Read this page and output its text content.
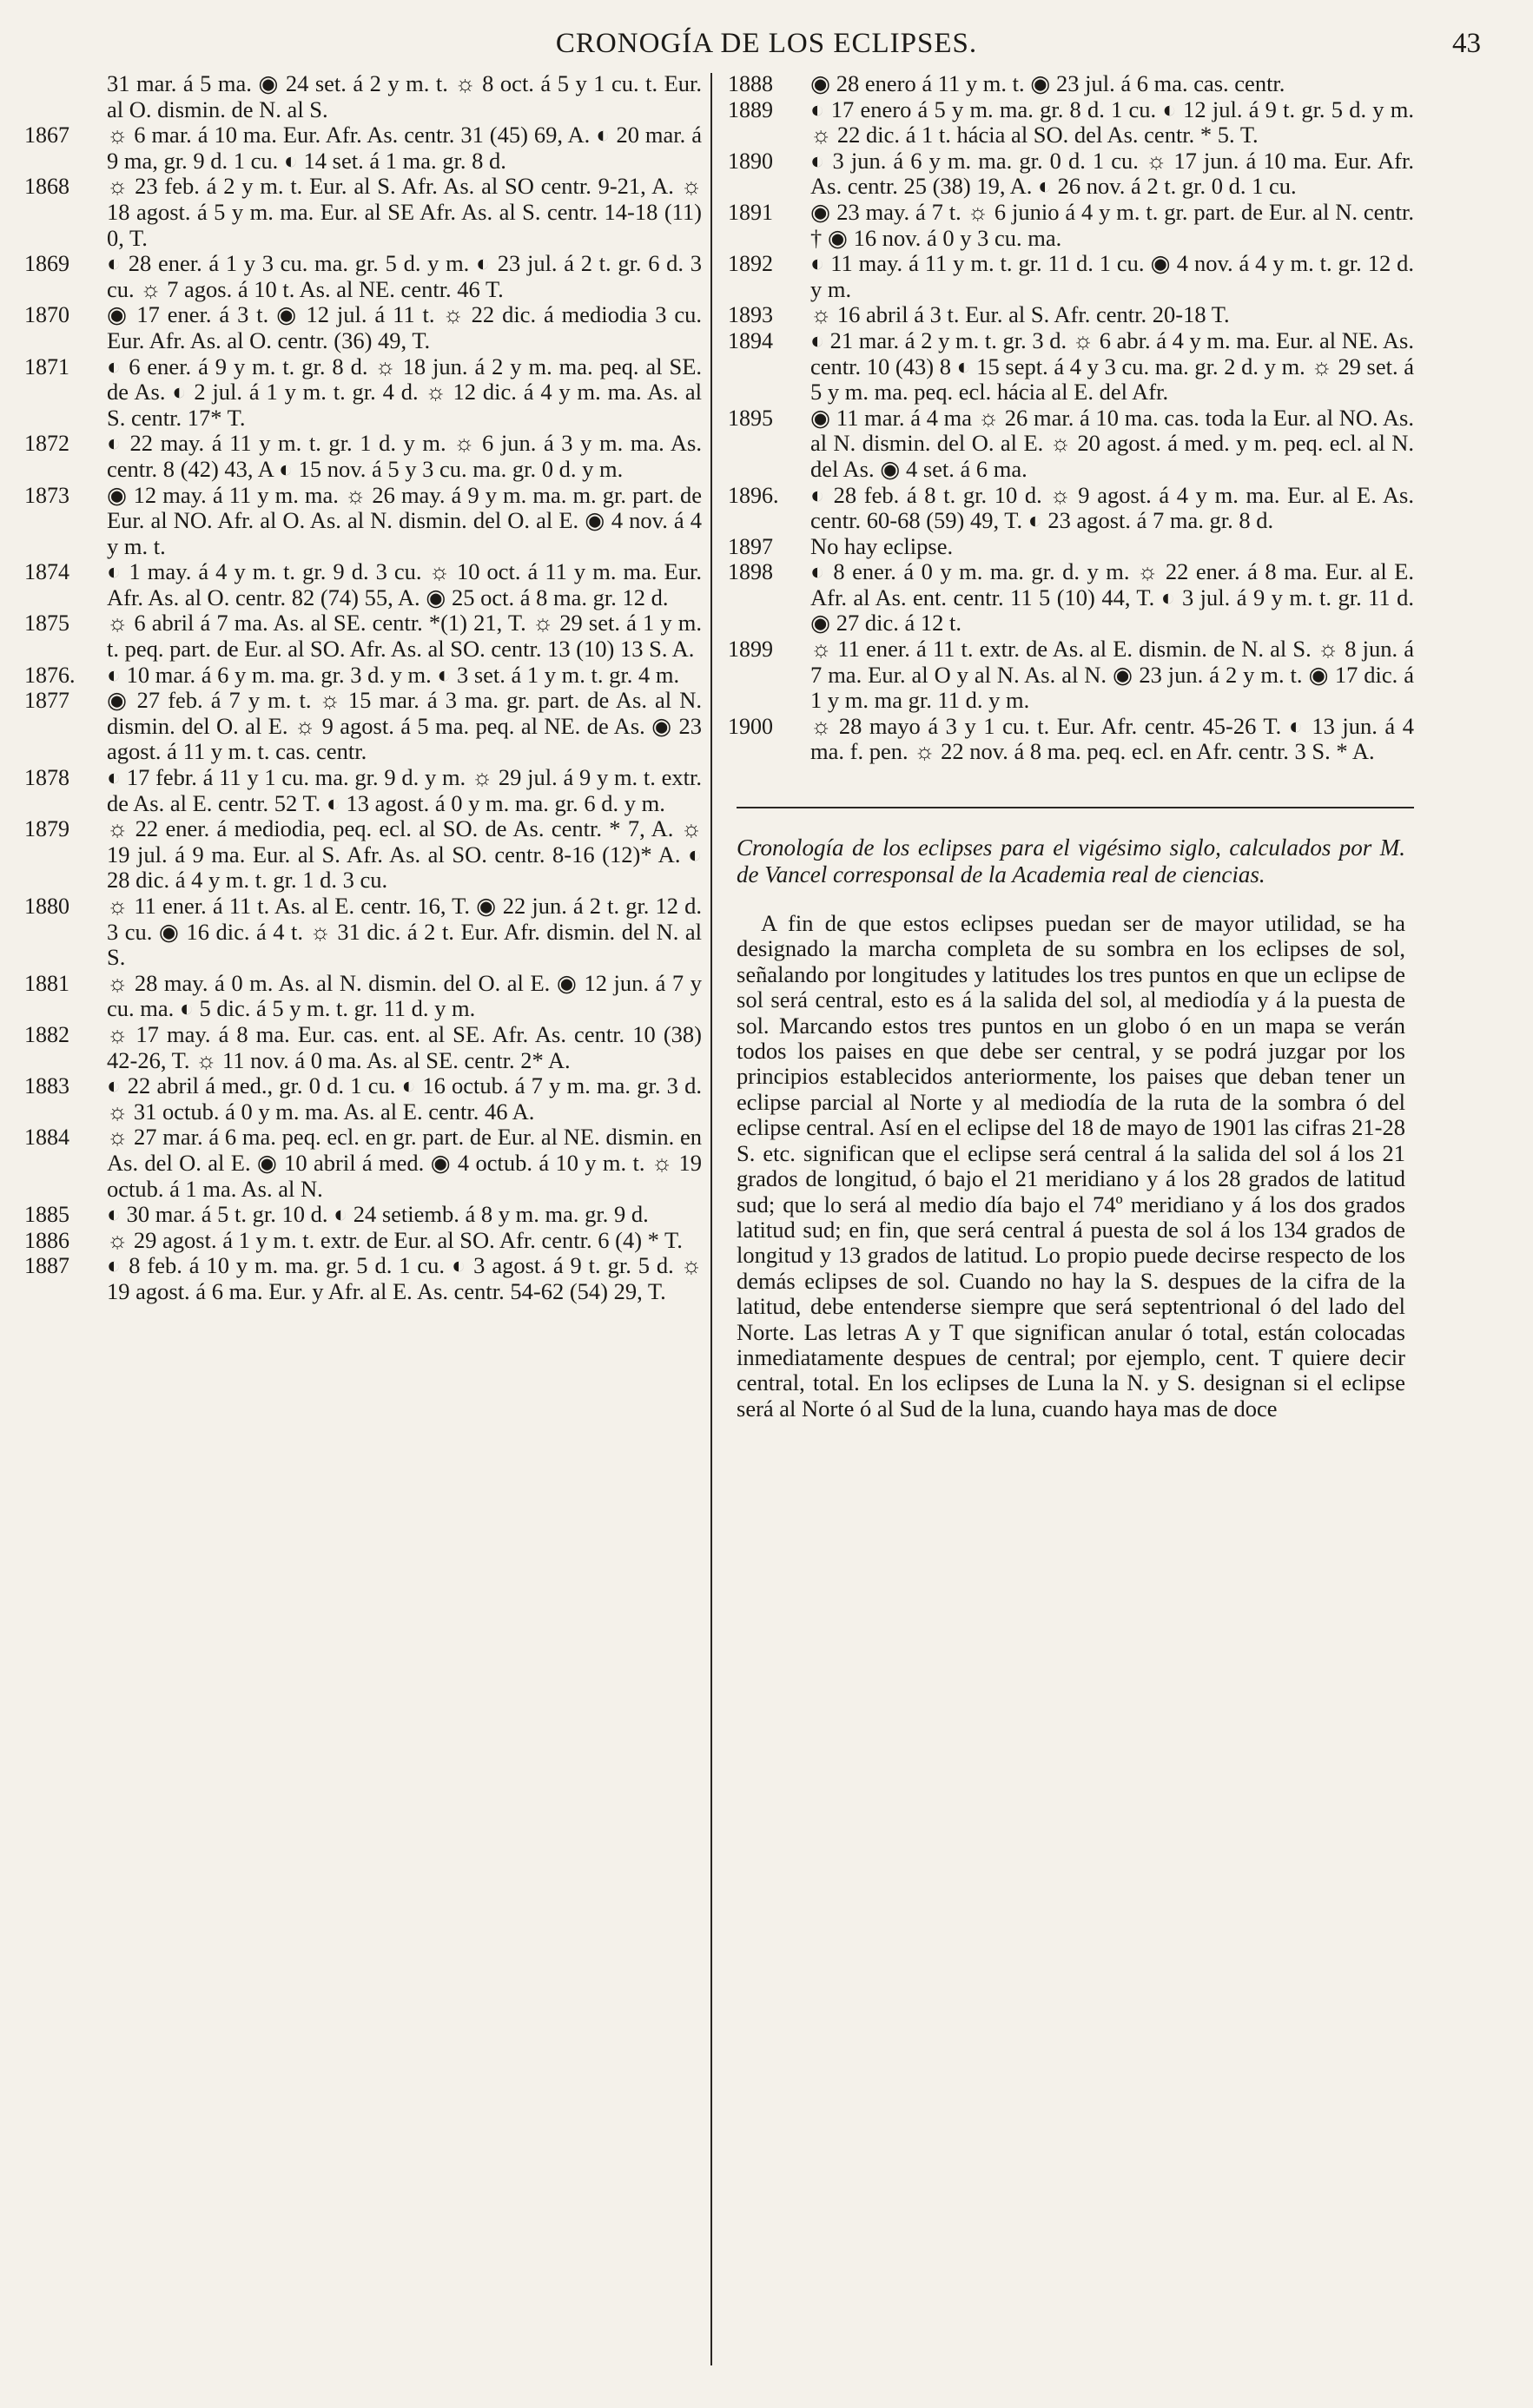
CRONOGÍA DE LOS ECLIPSES.	43

31 mar. á 5 ma. ◉ 24 set. á 2 y m. t. ☼ 8 oct. á 5 y 1 cu. t. Eur. al O. dismin. de N. al S.

1867	☼ 6 mar. á 10 ma. Eur. Afr. As. centr. 31 (45) 69, A. ◐ 20 mar. á 9 ma, gr. 9 d. 1 cu. ◐ 14 set. á 1 ma. gr. 8 d.

1868	☼ 23 feb. á 2 y m. t. Eur. al S. Afr. As. al SO centr. 9-21, A. ☼ 18 agost. á 5 y m. ma. Eur. al SE Afr. As. al S. centr. 14-18 (11) 0, T.

1869	◐ 28 ener. á 1 y 3 cu. ma. gr. 5 d. y m. ◐ 23 jul. á 2 t. gr. 6 d. 3 cu. ☼ 7 agos. á 10 t. As. al NE. centr. 46 T.

1870	◉ 17 ener. á 3 t. ◉ 12 jul. á 11 t. ☼ 22 dic. á mediodia 3 cu. Eur. Afr. As. al O. centr. (36) 49, T.

1871	◐ 6 ener. á 9 y m. t. gr. 8 d. ☼ 18 jun. á 2 y m. ma. peq. al SE. de As. ◐ 2 jul. á 1 y m. t. gr. 4 d. ☼ 12 dic. á 4 y m. ma. As. al S. centr. 17* T.

1872	◐ 22 may. á 11 y m. t. gr. 1 d. y m. ☼ 6 jun. á 3 y m. ma. As. centr. 8 (42) 43, A ◐ 15 nov. á 5 y 3 cu. ma. gr. 0 d. y m.

1873	◉ 12 may. á 11 y m. ma. ☼ 26 may. á 9 y m. ma. m. gr. part. de Eur. al NO. Afr. al O. As. al N. dismin. del O. al E. ◉ 4 nov. á 4 y m. t.

1874	◐ 1 may. á 4 y m. t. gr. 9 d. 3 cu. ☼ 10 oct. á 11 y m. ma. Eur. Afr. As. al O. centr. 82 (74) 55, A. ◉ 25 oct. á 8 ma. gr. 12 d.

1875	☼ 6 abril á 7 ma. As. al SE. centr. *(1) 21, T. ☼ 29 set. á 1 y m. t. peq. part. de Eur. al SO. Afr. As. al SO. centr. 13 (10) 13 S. A.

1876.	◐ 10 mar. á 6 y m. ma. gr. 3 d. y m. ◐ 3 set. á 1 y m. t. gr. 4 m.

1877	◉ 27 feb. á 7 y m. t. ☼ 15 mar. á 3 ma. gr. part. de As. al N. dismin. del O. al E. ☼ 9 agost. á 5 ma. peq. al NE. de As. ◉ 23 agost. á 11 y m. t. cas. centr.

1878	◐ 17 febr. á 11 y 1 cu. ma. gr. 9 d. y m. ☼ 29 jul. á 9 y m. t. extr. de As. al E. centr. 52 T. ◐ 13 agost. á 0 y m. ma. gr. 6 d. y m.

1879	☼ 22 ener. á mediodia, peq. ecl. al SO. de As. centr. * 7, A. ☼ 19 jul. á 9 ma. Eur. al S. Afr. As. al SO. centr. 8-16 (12)* A. ◐ 28 dic. á 4 y m. t. gr. 1 d. 3 cu.

1880	☼ 11 ener. á 11 t. As. al E. centr. 16, T. ◉ 22 jun. á 2 t. gr. 12 d. 3 cu. ◉ 16 dic. á 4 t. ☼ 31 dic. á 2 t. Eur. Afr. dismin. del N. al S.

1881	☼ 28 may. á 0 m. As. al N. dismin. del O. al E. ◉ 12 jun. á 7 y cu. ma. ◐ 5 dic. á 5 y m. t. gr. 11 d. y m.

1882	☼ 17 may. á 8 ma. Eur. cas. ent. al SE. Afr. As. centr. 10 (38) 42-26, T. ☼ 11 nov. á 0 ma. As. al SE. centr. 2* A.

1883	◐ 22 abril á med., gr. 0 d. 1 cu. ◐ 16 octub. á 7 y m. ma. gr. 3 d. ☼ 31 octub. á 0 y m. ma. As. al E. centr. 46 A.

1884	☼ 27 mar. á 6 ma. peq. ecl. en gr. part. de Eur. al NE. dismin. en As. del O. al E. ◉ 10 abril á med. ◉ 4 octub. á 10 y m. t. ☼ 19 octub. á 1 ma. As. al N.

1885	◐ 30 mar. á 5 t. gr. 10 d. ◐ 24 setiemb. á 8 y m. ma. gr. 9 d.

1886	☼ 29 agost. á 1 y m. t. extr. de Eur. al SO. Afr. centr. 6 (4) * T.

1887	◐ 8 feb. á 10 y m. ma. gr. 5 d. 1 cu. ◐ 3 agost. á 9 t. gr. 5 d. ☼ 19 agost. á 6 ma. Eur. y Afr. al E. As. centr. 54-62 (54) 29, T.

1888	◉ 28 enero á 11 y m. t. ◉ 23 jul. á 6 ma. cas. centr.

1889	◐ 17 enero á 5 y m. ma. gr. 8 d. 1 cu. ◐ 12 jul. á 9 t. gr. 5 d. y m. ☼ 22 dic. á 1 t. hácia al SO. del As. centr. * 5. T.

1890	◐ 3 jun. á 6 y m. ma. gr. 0 d. 1 cu. ☼ 17 jun. á 10 ma. Eur. Afr. As. centr. 25 (38) 19, A. ◐ 26 nov. á 2 t. gr. 0 d. 1 cu.

1891	◉ 23 may. á 7 t. ☼ 6 junio á 4 y m. t. gr. part. de Eur. al N. centr. † ◉ 16 nov. á 0 y 3 cu. ma.

1892	◐ 11 may. á 11 y m. t. gr. 11 d. 1 cu. ◉ 4 nov. á 4 y m. t. gr. 12 d. y m.

1893	☼ 16 abril á 3 t. Eur. al S. Afr. centr. 20-18 T.

1894	◐ 21 mar. á 2 y m. t. gr. 3 d. ☼ 6 abr. á 4 y m. ma. Eur. al NE. As. centr. 10 (43) 8 ◐ 15 sept. á 4 y 3 cu. ma. gr. 2 d. y m. ☼ 29 set. á 5 y m. ma. peq. ecl. hácia al E. del Afr.

1895	◉ 11 mar. á 4 ma ☼ 26 mar. á 10 ma. cas. toda la Eur. al NO. As. al N. dismin. del O. al E. ☼ 20 agost. á med. y m. peq. ecl. al N. del As. ◉ 4 set. á 6 ma.

1896.	◐ 28 feb. á 8 t. gr. 10 d. ☼ 9 agost. á 4 y m. ma. Eur. al E. As. centr. 60-68 (59) 49, T. ◐ 23 agost. á 7 ma. gr. 8 d.

1897	No hay eclipse.

1898	◐ 8 ener. á 0 y m. ma. gr. d. y m. ☼ 22 ener. á 8 ma. Eur. al E. Afr. al As. ent. centr. 11 5 (10) 44, T. ◐ 3 jul. á 9 y m. t. gr. 11 d. ◉ 27 dic. á 12 t.

1899	☼ 11 ener. á 11 t. extr. de As. al E. dismin. de N. al S. ☼ 8 jun. á 7 ma. Eur. al O y al N. As. al N. ◉ 23 jun. á 2 y m. t. ◉ 17 dic. á 1 y m. ma gr. 11 d. y m.

1900	☼ 28 mayo á 3 y 1 cu. t. Eur. Afr. centr. 45-26 T. ◐ 13 jun. á 4 ma. f. pen. ☼ 22 nov. á 8 ma. peq. ecl. en Afr. centr. 3 S. * A.

Cronología de los eclipses para el vigésimo siglo, calculados por M. de Vancel corresponsal de la Academia real de ciencias.

A fin de que estos eclipses puedan ser de mayor utilidad, se ha designado la marcha completa de su sombra en los eclipses de sol, señalando por longitudes y latitudes los tres puntos en que un eclipse de sol será central, esto es á la salida del sol, al mediodía y á la puesta de sol. Marcando estos tres puntos en un globo ó en un mapa se verán todos los paises en que debe ser central, y se podrá juzgar por los principios establecidos anteriormente, los paises que deban tener un eclipse parcial al Norte y al mediodía de la ruta de la sombra ó del eclipse central. Así en el eclipse del 18 de mayo de 1901 las cifras 21-28 S. etc. significan que el eclipse será central á la salida del sol á los 21 grados de longitud, ó bajo el 21 meridiano y á los 28 grados de latitud sud; que lo será al medio día bajo el 74º meridiano y á los dos grados latitud sud; en fin, que será central á puesta de sol á los 134 grados de longitud y 13 grados de latitud. Lo propio puede decirse respecto de los demás eclipses de sol. Cuando no hay la S. despues de la cifra de la latitud, debe entenderse siempre que será septentrional ó del lado del Norte. Las letras A y T que significan anular ó total, están colocadas inmediatamente despues de central; por ejemplo, cent. T quiere decir central, total. En los eclipses de Luna la N. y S. designan si el eclipse será al Norte ó al Sud de la luna, cuando haya mas de doce
